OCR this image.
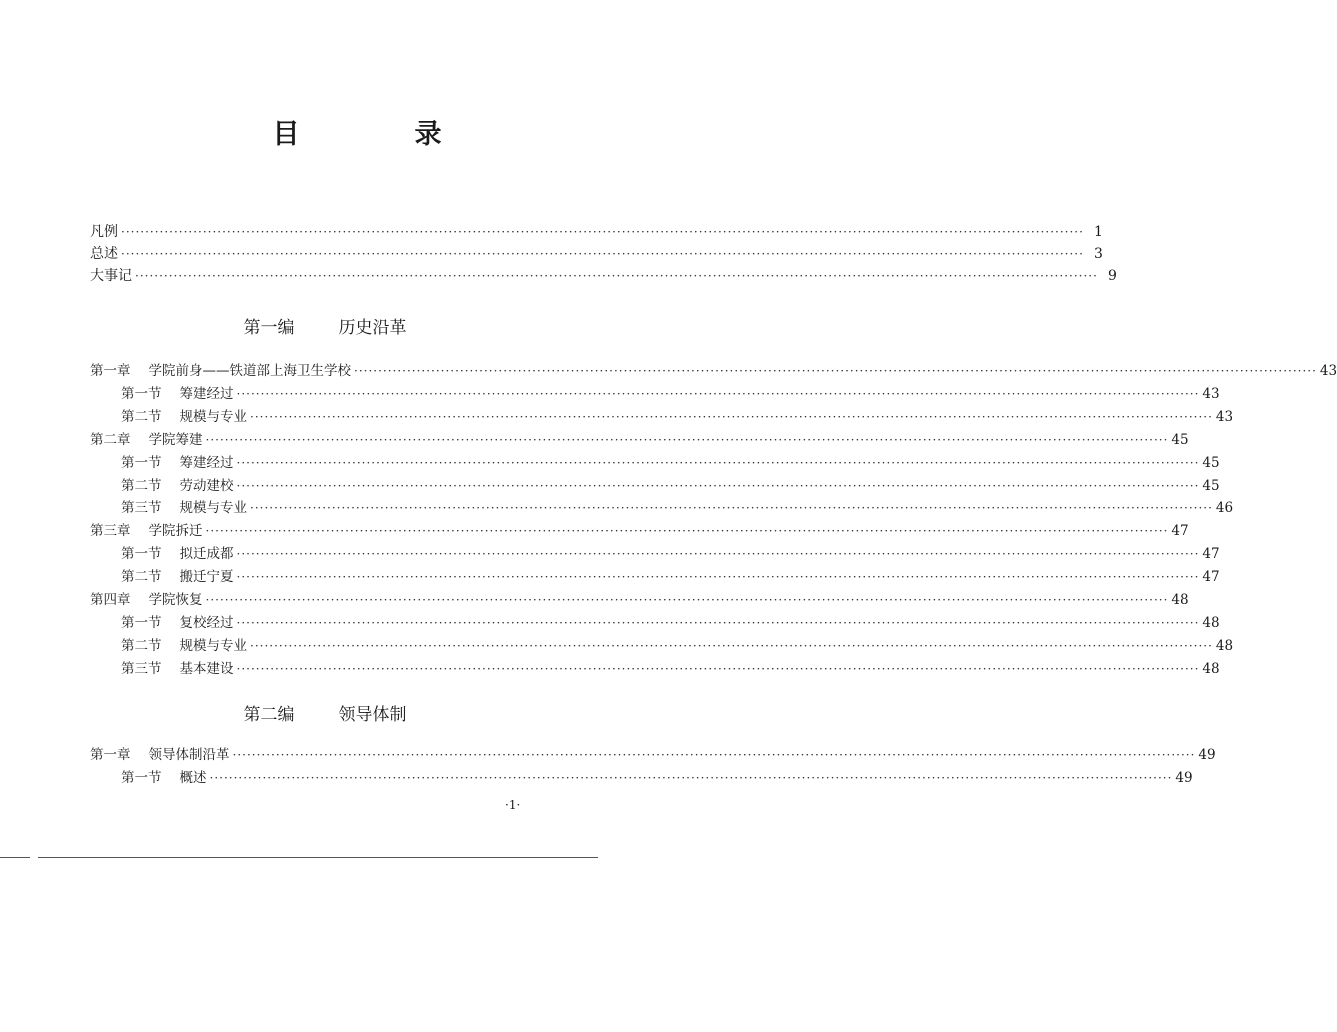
目　录
凡例 ········································································································································································································ 1
总述 ········································································································································································································ 3
大事记 ········································································································································································································ 9
第一编	历史沿革
第一章 学院前身——铁道部上海卫生学校 ········································································································································································································ 43
第一节 筹建经过 ········································································································································································································ 43
第二节 规模与专业 ········································································································································································································ 43
第二章 学院筹建 ········································································································································································································ 45
第一节 筹建经过 ········································································································································································································ 45
第二节 劳动建校 ········································································································································································································ 45
第三节 规模与专业 ········································································································································································································ 46
第三章 学院拆迁 ········································································································································································································ 47
第一节 拟迁成都 ········································································································································································································ 47
第二节 搬迁宁夏 ········································································································································································································ 47
第四章 学院恢复 ········································································································································································································ 48
第一节 复校经过 ········································································································································································································ 48
第二节 规模与专业 ········································································································································································································ 48
第三节 基本建设 ········································································································································································································ 48
第二编	领导体制
第一章 领导体制沿革 ········································································································································································································ 49
第一节 概述 ········································································································································································································ 49
·1·
